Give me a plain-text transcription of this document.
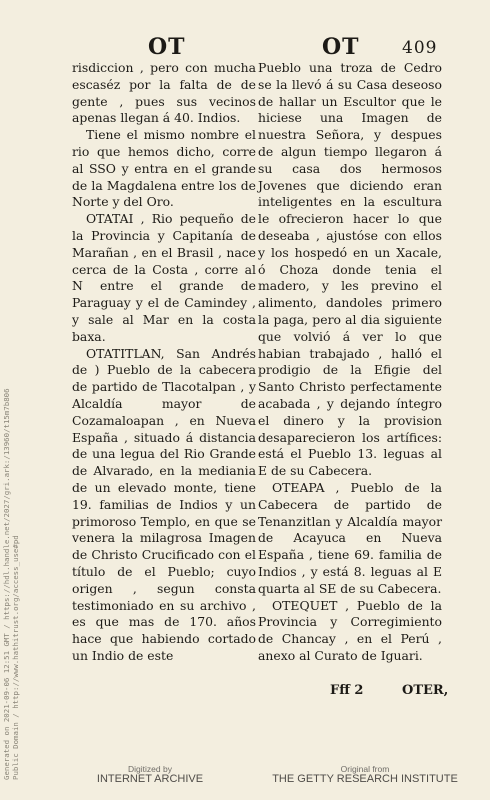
OT	OT 409

risdiccion , pero con mucha escaséz por la falta de de gente , pues sus vecinos apenas llegan á 40. Indios.

Tiene el mismo nombre el rio que hemos dicho, corre al SSO y entra en el grande de la Magdalena entre los de Norte y del Oro.

OTATAI , Rio pequeño de la Provincia y Capitanía de Marañan , en el Brasil , nace cerca de la Costa , corre al N entre el grande de Paraguay y el de Camindey , y sale al Mar en la costa baxa.

OTATITLAN, San Andrés de ) Pueblo de la cabecera de partido de Tlacotalpan , y Alcaldía mayor de Cozamaloapan , en Nueva España , situado á distancia de una legua del Rio Grande de Alvarado, en la mediania de un elevado monte, tiene 19. familias de Indios y un primoroso Templo, en que se venera la milagrosa Imagen de Christo Crucificado con el título de el Pueblo; cuyo origen , segun consta testimoniado en su archivo , es que mas de 170. años hace que habiendo cortado un Indio de este

Pueblo una troza de Cedro se la llevó á su Casa deseoso de hallar un Escultor que le hiciese una Imagen de nuestra Señora, y despues de algun tiempo llegaron á su casa dos hermosos Jovenes que diciendo eran inteligentes en la escultura le ofrecieron hacer lo que deseaba , ajustóse con ellos y los hospedó en un Xacale, ó Choza donde tenia el madero, y les previno el alimento, dandoles primero la paga, pero al dia siguiente que volvió á ver lo que habian trabajado , halló el prodigio de la Efigie del Santo Christo perfectamente acabada , y dejando íntegro el dinero y la provision desaparecieron los artífices: está el Pueblo 13. leguas al E de su Cabecera.

OTEAPA , Pueblo de la Cabecera de partido de Tenanzitlan y Alcaldía mayor de Acayuca en Nueva España , tiene 69. familia de Indios , y está 8. leguas al E quarta al SE de su Cabecera.

OTEQUET , Pueblo de la Provincia y Corregimiento de Chancay , en el Perú , anexo al Curato de Iguari.

Fff 2	OTER,
Generated on 2021-09-06 12:51 GMT / https://hdl.handle.net/2027/gri.ark:/13960/t15m7b806
Public Domain / http://www.hathitrust.org/access_use#pd
Digitized by
INTERNET ARCHIVE
Original from
THE GETTY RESEARCH INSTITUTE
